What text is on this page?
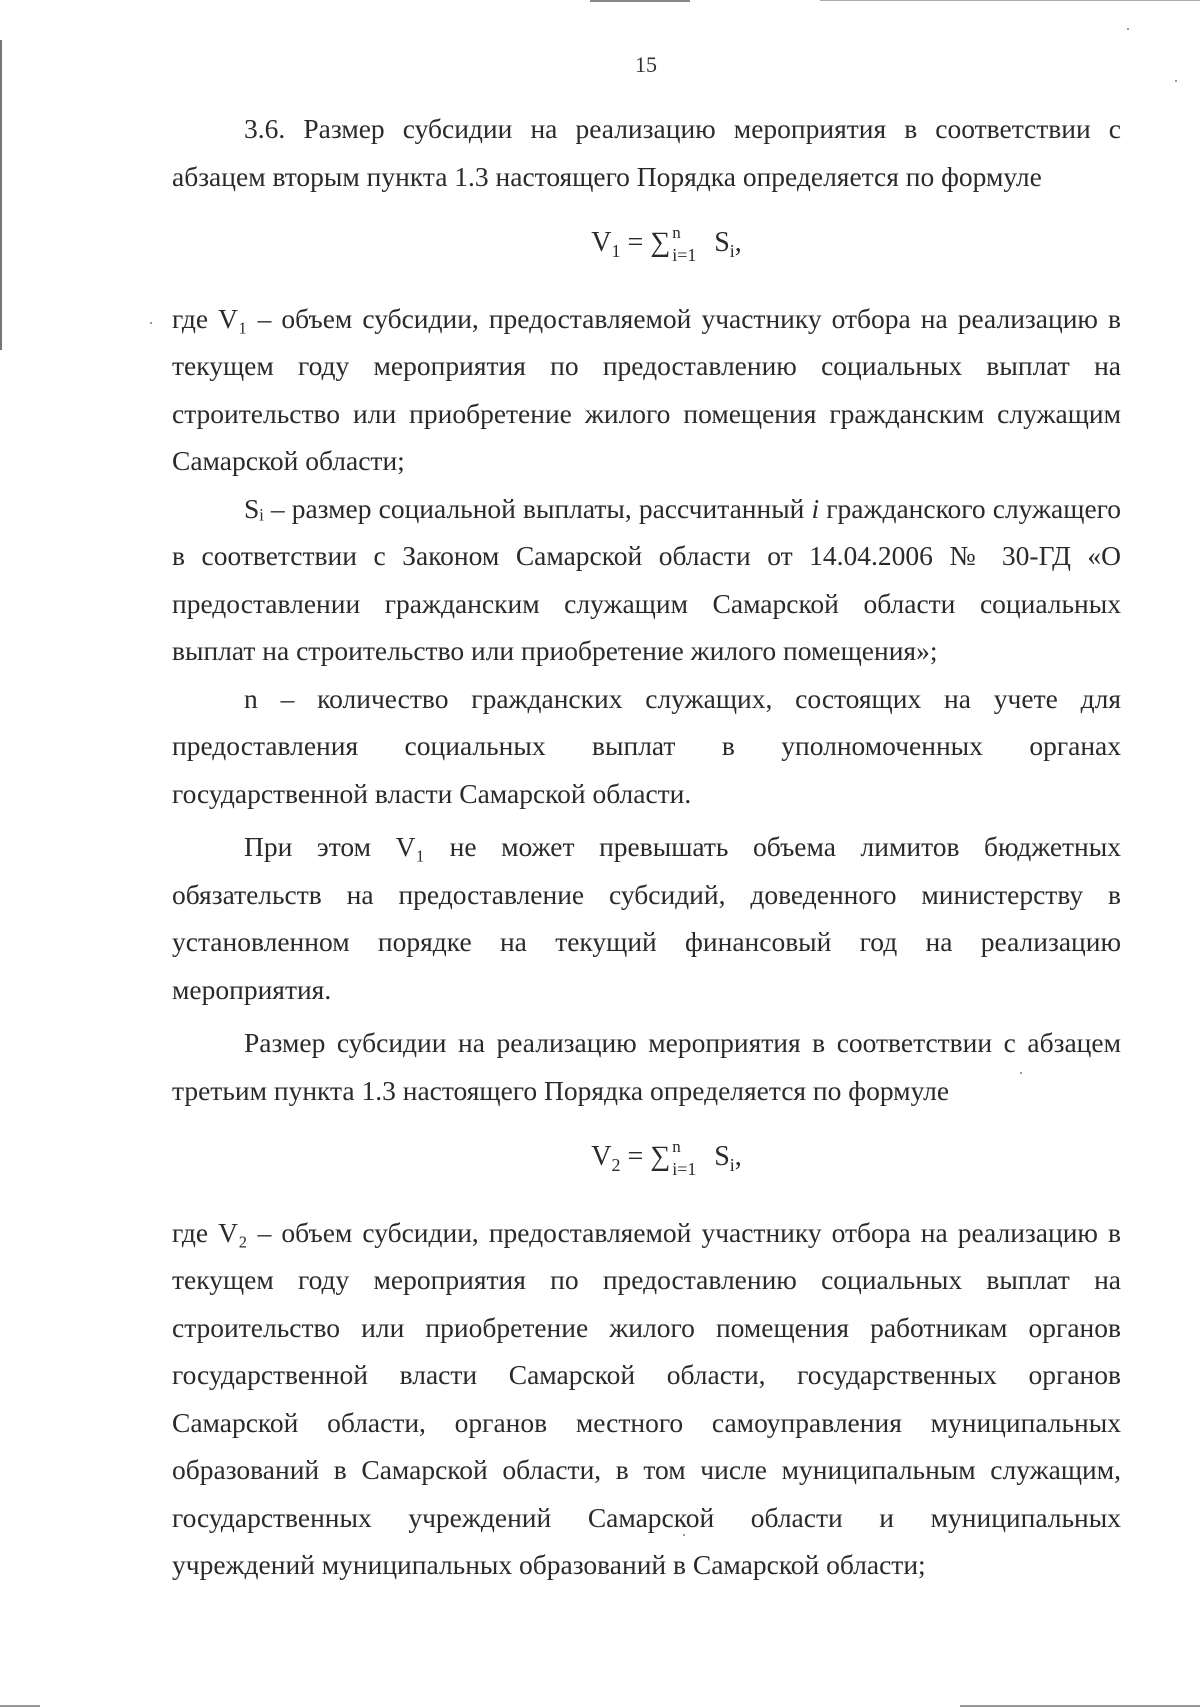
15

3.6. Размер субсидии на реализацию мероприятия в соответствии с абзацем вторым пункта 1.3 настоящего Порядка определяется по формуле

$V_1$ = ∑ n
i=1 $S_i$,

где V₁ – объем субсидии, предоставляемой участнику отбора на реализацию в текущем году мероприятия по предоставлению социальных выплат на строительство или приобретение жилого помещения гражданским служащим Самарской области;

Sᵢ – размер социальной выплаты, рассчитанный i гражданского служащего в соответствии с Законом Самарской области от 14.04.2006 № 30-ГД «О предоставлении гражданским служащим Самарской области социальных выплат на строительство или приобретение жилого помещения»;

n – количество гражданских служащих, состоящих на учете для предоставления социальных выплат в уполномоченных органах государственной власти Самарской области.

При этом V₁ не может превышать объема лимитов бюджетных обязательств на предоставление субсидий, доведенного министерству в установленном порядке на текущий финансовый год на реализацию мероприятия.

Размер субсидии на реализацию мероприятия в соответствии с абзацем третьим пункта 1.3 настоящего Порядка определяется по формуле

$V_2$ = ∑ n
i=1 $S_i$,

где V₂ – объем субсидии, предоставляемой участнику отбора на реализацию в текущем году мероприятия по предоставлению социальных выплат на строительство или приобретение жилого помещения работникам органов государственной власти Самарской области, государственных органов Самарской области, органов местного самоуправления муниципальных образований в Самарской области, в том числе муниципальным служащим, государственных учреждений Самарской области и муниципальных учреждений муниципальных образований в Самарской области;
